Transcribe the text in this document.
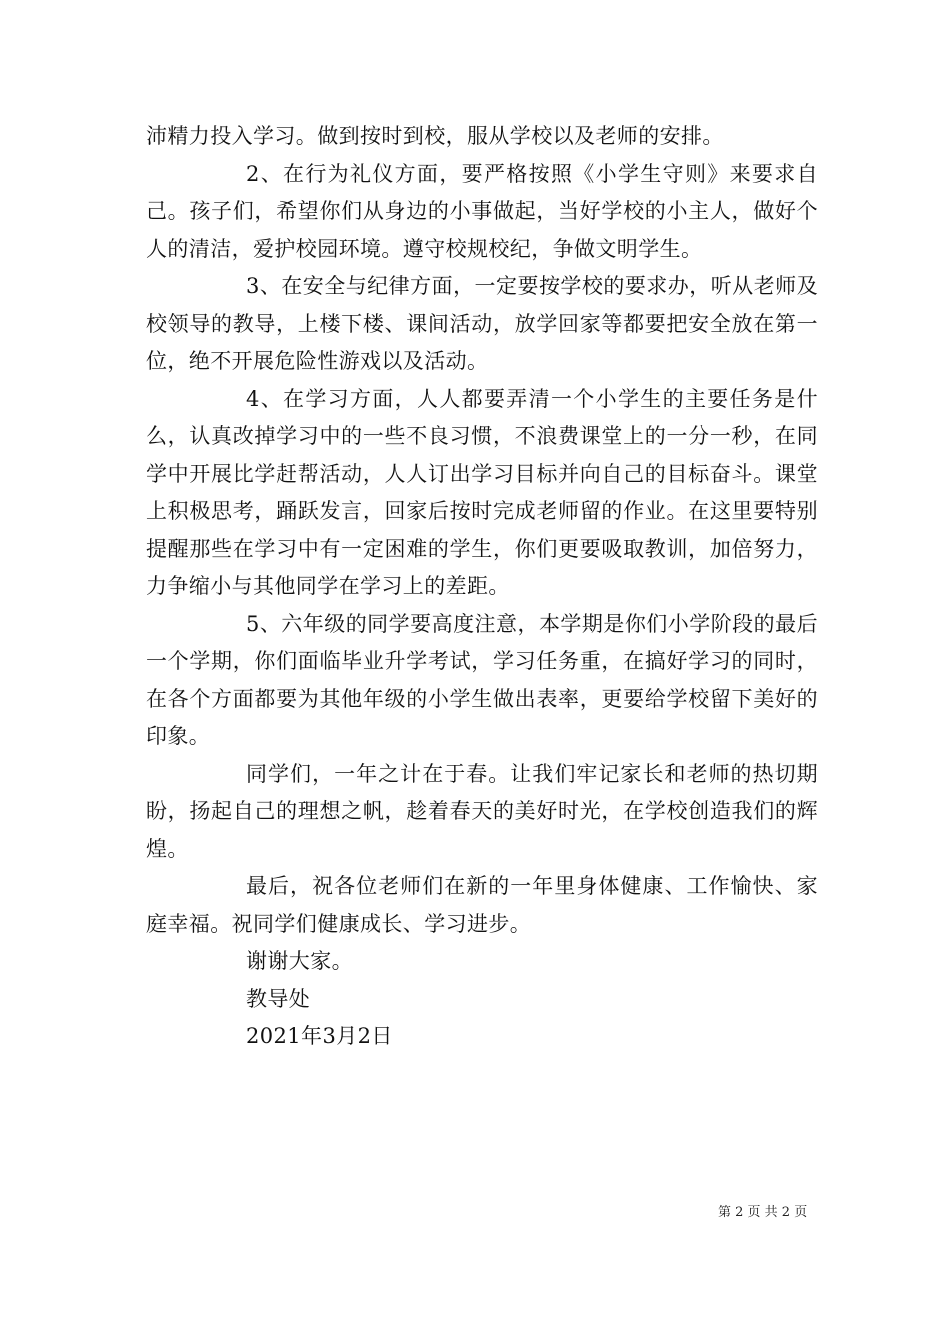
沛精力投入学习。做到按时到校，服从学校以及老师的安排。

2、在行为礼仪方面，要严格按照《小学生守则》来要求自己。孩子们，希望你们从身边的小事做起，当好学校的小主人，做好个人的清洁，爱护校园环境。遵守校规校纪，争做文明学生。

3、在安全与纪律方面，一定要按学校的要求办，听从老师及校领导的教导，上楼下楼、课间活动，放学回家等都要把安全放在第一位，绝不开展危险性游戏以及活动。

4、在学习方面，人人都要弄清一个小学生的主要任务是什么，认真改掉学习中的一些不良习惯，不浪费课堂上的一分一秒，在同学中开展比学赶帮活动，人人订出学习目标并向自己的目标奋斗。课堂上积极思考，踊跃发言，回家后按时完成老师留的作业。在这里要特别提醒那些在学习中有一定困难的学生，你们更要吸取教训，加倍努力，力争缩小与其他同学在学习上的差距。

5、六年级的同学要高度注意，本学期是你们小学阶段的最后一个学期，你们面临毕业升学考试，学习任务重，在搞好学习的同时，在各个方面都要为其他年级的小学生做出表率，更要给学校留下美好的印象。

同学们，一年之计在于春。让我们牢记家长和老师的热切期盼，扬起自己的理想之帆，趁着春天的美好时光，在学校创造我们的辉煌。

最后，祝各位老师们在新的一年里身体健康、工作愉快、家庭幸福。祝同学们健康成长、学习进步。

谢谢大家。

教导处

2021年3月2日

第 2 页 共 2 页
